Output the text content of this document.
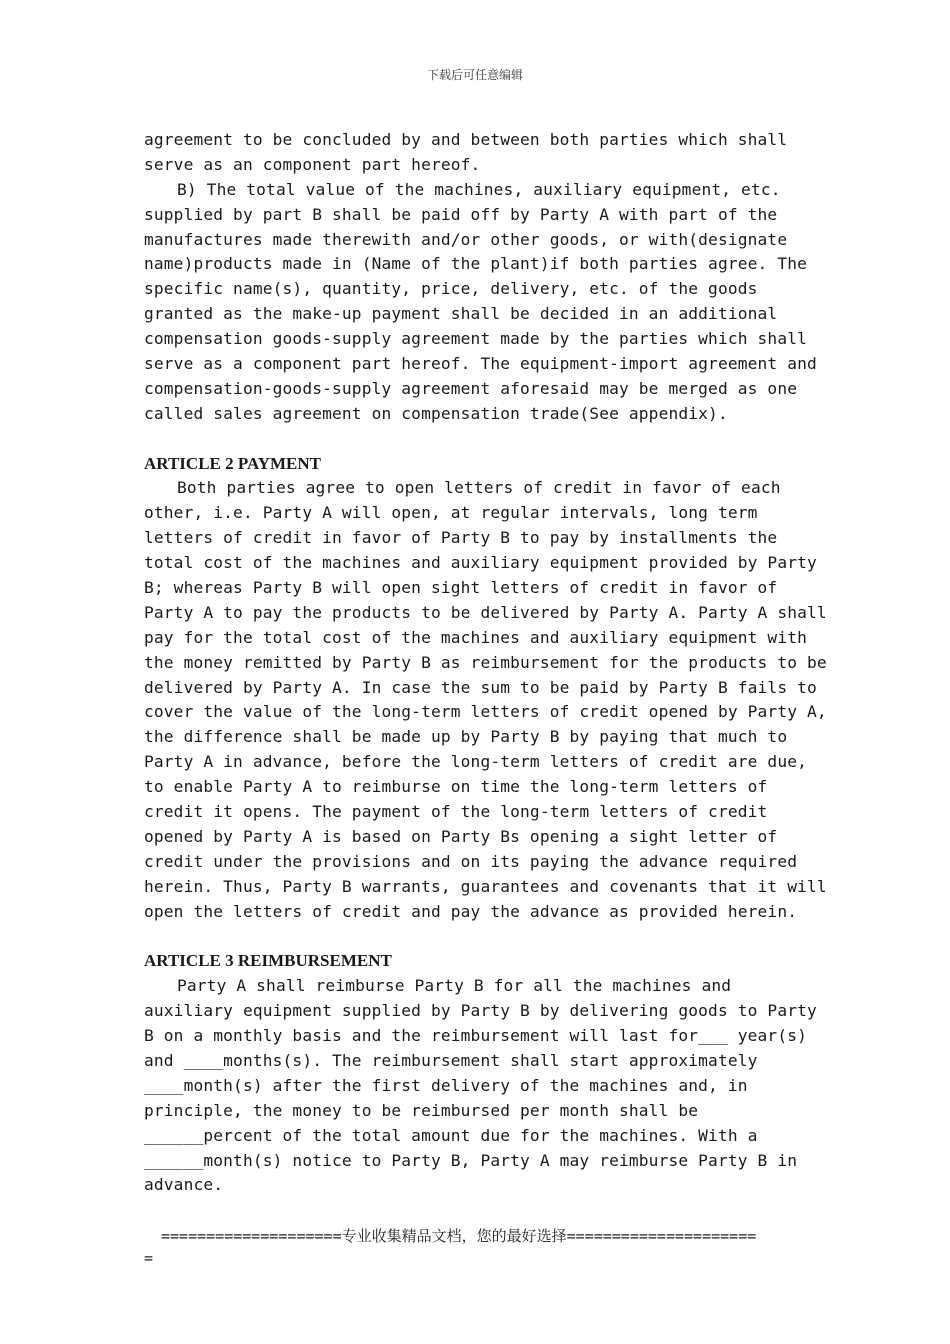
下载后可任意编辑
agreement to be concluded by and between both parties which shall
serve as an component part hereof.
B) The total value of the machines, auxiliary equipment, etc.
supplied by part B shall be paid off by Party A with part of the
manufactures made therewith and/or other goods, or with(designate
name)products made in (Name of the plant)if both parties agree. The
specific name(s), quantity, price, delivery, etc. of the goods
granted as the make-up payment shall be decided in an additional
compensation goods-supply agreement made by the parties which shall
serve as a component part hereof. The equipment-import agreement and
compensation-goods-supply agreement aforesaid may be merged as one
called sales agreement on compensation trade(See appendix).
ARTICLE 2 PAYMENT
Both parties agree to open letters of credit in favor of each
other, i.e. Party A will open, at regular intervals, long term
letters of credit in favor of Party B to pay by installments the
total cost of the machines and auxiliary equipment provided by Party
B; whereas Party B will open sight letters of credit in favor of
Party A to pay the products to be delivered by Party A. Party A shall
pay for the total cost of the machines and auxiliary equipment with
the money remitted by Party B as reimbursement for the products to be
delivered by Party A. In case the sum to be paid by Party B fails to
cover the value of the long-term letters of credit opened by Party A,
the difference shall be made up by Party B by paying that much to
Party A in advance, before the long-term letters of credit are due,
to enable Party A to reimburse on time the long-term letters of
credit it opens. The payment of the long-term letters of credit
opened by Party A is based on Party Bs opening a sight letter of
credit under the provisions and on its paying the advance required
herein. Thus, Party B warrants, guarantees and covenants that it will
open the letters of credit and pay the advance as provided herein.
ARTICLE 3 REIMBURSEMENT
Party A shall reimburse Party B for all the machines and
auxiliary equipment supplied by Party B by delivering goods to Party
B on a monthly basis and the reimbursement will last for___ year(s)
and ____months(s). The reimbursement shall start approximately
____month(s) after the first delivery of the machines and, in
principle, the money to be reimbursed per month shall be
______percent of the total amount due for the machines. With a
______month(s) notice to Party B, Party A may reimburse Party B in
advance.
====================专业收集精品文档，您的最好选择=====================
=
